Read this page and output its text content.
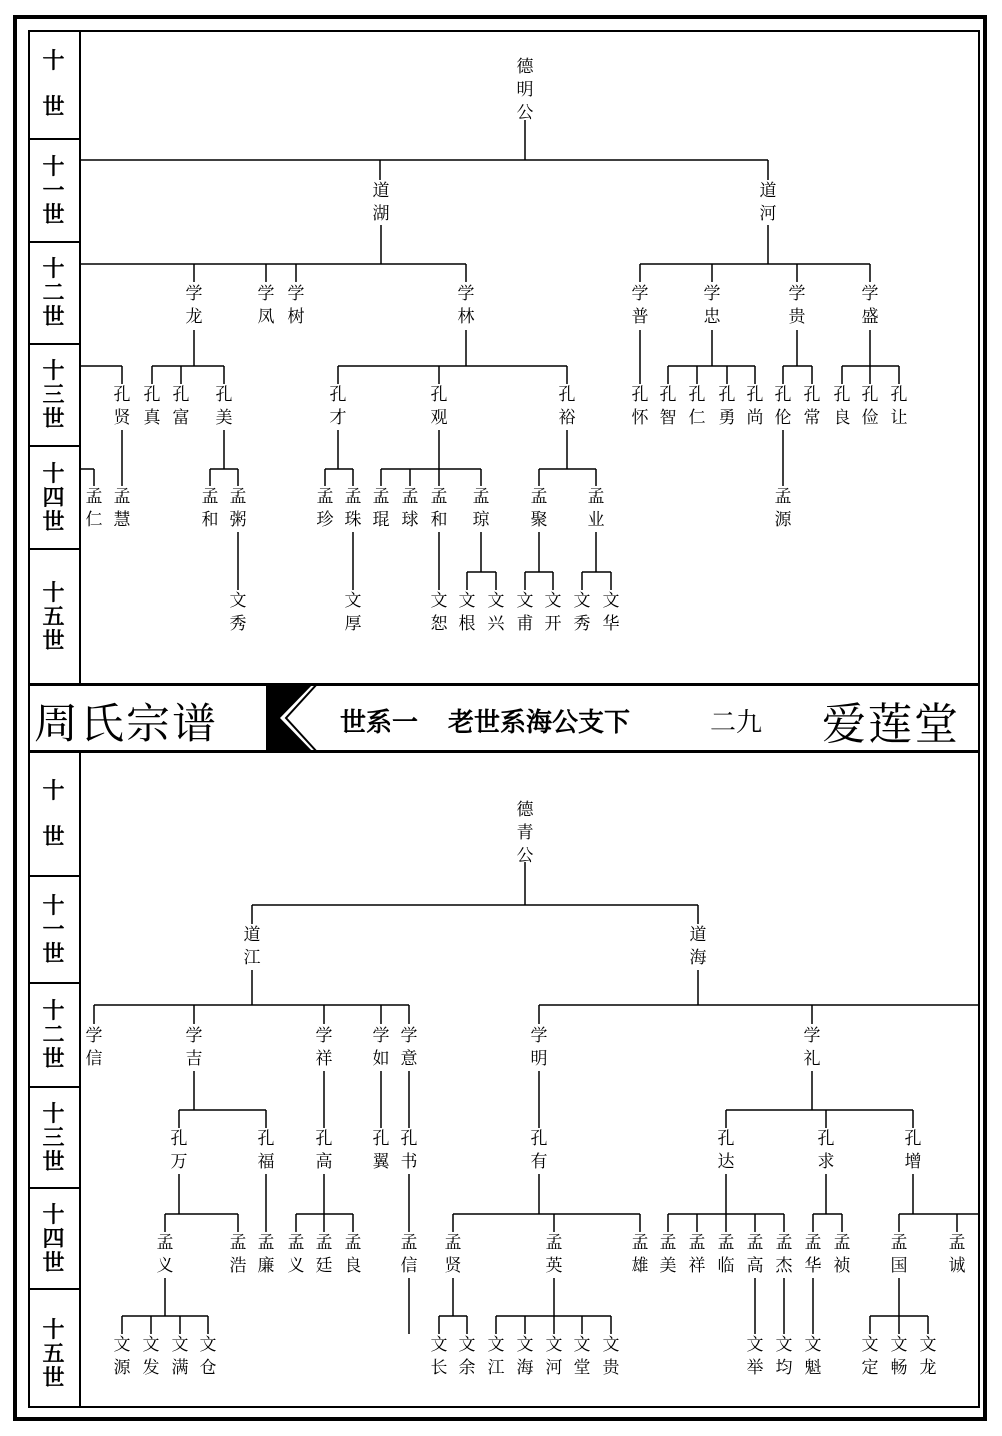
十
世
十
一
世
十
二
世
十
三
世
十
四
世
十
五
世
十
世
十
一
世
十
二
世
十
三
世
十
四
世
十
五
世
周氏宗谱	世系一 老世系海公支下	二九 爱莲堂
德
明
公
道
湖
道
河
学
龙
学
凤
学
树
学
林
学
普
学
忠
学
贵
学
盛
孔
贤
孔
真
孔
富
孔
美
孔
才
孔
观
孔
裕
孔
怀
孔
智
孔
仁
孔
勇
孔
尚
孔
伦
孔
常
孔
良
孔
俭
孔
让
孟
仁
孟
慧
孟
和
孟
粥
孟
珍
孟
珠
孟
琨
孟
球
孟
和
孟
琼
孟
聚
孟
业
孟
源
文
秀
文
厚
文
恕
文
根
文
兴
文
甫
文
开
文
秀
文
华
德
青
公
道
江
道
海
学
信
学
吉
学
祥
学
如
学
意
学
明
学
礼
孔
万
孔
福
孔
高
孔
翼
孔
书
孔
有
孔
达
孔
求
孔
增
孟
义
孟
浩
孟
廉
孟
义
孟
廷
孟
良
孟
信
孟
贤
孟
英
孟
雄
孟
美
孟
祥
孟
临
孟
高
孟
杰
孟
华
孟
祯
孟
国
孟
诚
文
源
文
发
文
满
文
仓
文
长
文
余
文
江
文
海
文
河
文
堂
文
贵
文
举
文
均
文
魁
文
定
文
畅
文
龙
